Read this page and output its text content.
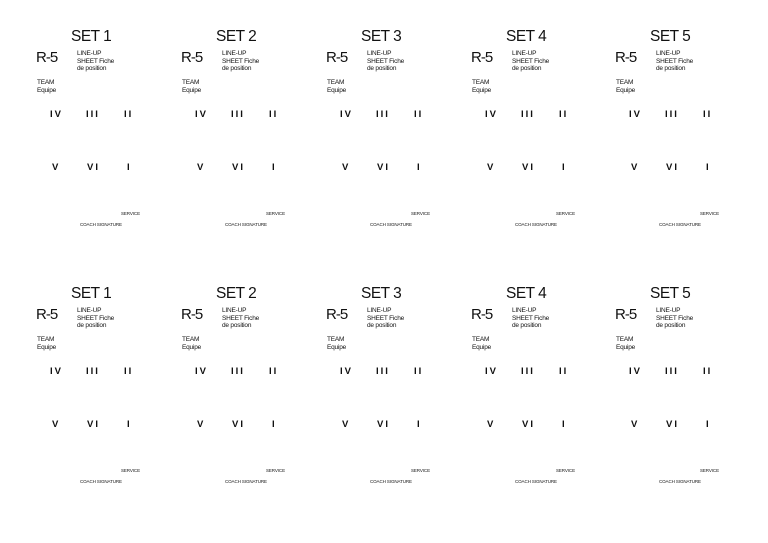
SET 1
R-5	LINE-UP
SHEET Fiche
de position
TEAM
Equipe
IV III	II
V	VI	I
SERVICE
COACH SIGNATURE
SET 2
R-5	LINE-UP
SHEET Fiche
de position
TEAM
Equipe
IV III	II
V	VI	I
SERVICE
COACH SIGNATURE
SET 3
R-5	LINE-UP
SHEET Fiche
de position
TEAM
Equipe
IV III	II
V	VI	I
SERVICE
COACH SIGNATURE
SET 4
R-5	LINE-UP
SHEET Fiche
de position
TEAM
Equipe
IV III	II
V	VI	I
SERVICE
COACH SIGNATURE
SET 5
R-5	LINE-UP
SHEET Fiche
de position
TEAM
Equipe
IV III	II
V	VI	I
SERVICE
COACH SIGNATURE
SET 1
R-5	LINE-UP
SHEET Fiche
de position
TEAM
Equipe
IV III	II
V	VI	I
SERVICE
COACH SIGNATURE
SET 2
R-5	LINE-UP
SHEET Fiche
de position
TEAM
Equipe
IV III	II
V	VI	I
SERVICE
COACH SIGNATURE
SET 3
R-5	LINE-UP
SHEET Fiche
de position
TEAM
Equipe
IV III	II
V	VI	I
SERVICE
COACH SIGNATURE
SET 4
R-5	LINE-UP
SHEET Fiche
de position
TEAM
Equipe
IV III	II
V	VI	I
SERVICE
COACH SIGNATURE
SET 5
R-5	LINE-UP
SHEET Fiche
de position
TEAM
Equipe
IV III	II
V	VI	I
SERVICE
COACH SIGNATURE
